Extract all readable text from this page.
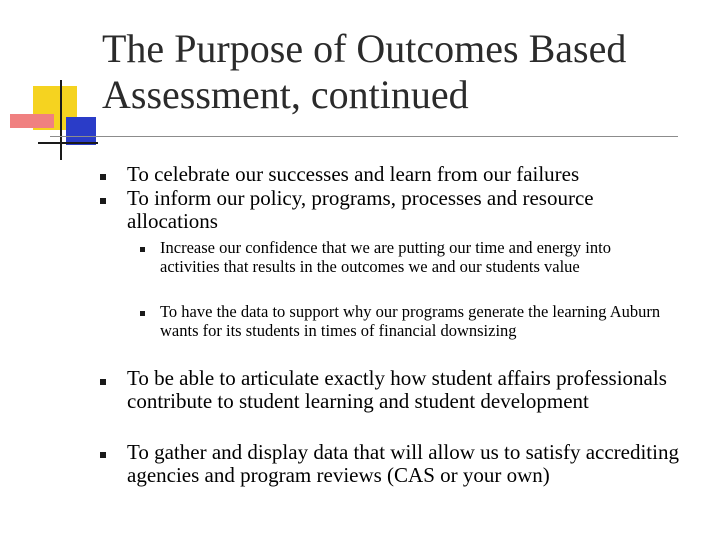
The Purpose of Outcomes Based Assessment, continued
To celebrate our successes and learn from our failures
To inform our policy, programs, processes and resource allocations
Increase our confidence that we are putting our time and energy into activities that results in the outcomes we and our students value
To have the data to support why our programs generate the learning Auburn wants for its students in times of financial downsizing
To be able to articulate exactly how student affairs professionals contribute to student learning and student development
To gather and display data that will allow us to satisfy accrediting agencies and program reviews (CAS or your own)
